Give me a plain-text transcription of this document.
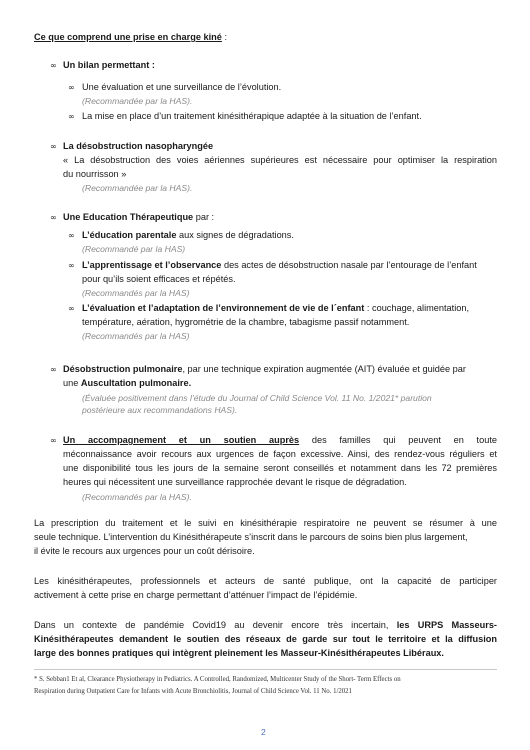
Ce que comprend une prise en charge kiné :
∞ Un bilan permettant :
∞ Une évaluation et une surveillance de l’évolution.
(Recommandée par la HAS).
∞ La mise en place d’un traitement kinésithérapique adaptée à la situation de l’enfant.
∞ La désobstruction nasopharyngée
« La désobstruction des voies aériennes supérieures est nécessaire pour optimiser la respiration
du nourrisson »
(Recommandée par la HAS).
∞ Une Education Thérapeutique par :
∞ L’éducation parentale aux signes de dégradations.
(Recommandé par la HAS)
∞ L’apprentissage et l’observance des actes de désobstruction nasale par l’entourage de l’enfant
pour qu’ils soient efficaces et répétés.
(Recommandés par la HAS)
∞ L’évaluation et l’adaptation de l’environnement de vie de l´enfant : couchage, alimentation,
température, aération, hygrométrie de la chambre, tabagisme passif notamment.
(Recommandés par la HAS)
∞ Désobstruction pulmonaire, par une technique expiration augmentée (AIT) évaluée et guidée par
une Auscultation pulmonaire.
(Évaluée positivement dans l’étude du Journal of Child Science Vol. 11 No. 1/2021* parution
postérieure aux recommandations HAS).
∞ Un accompagnement et un soutien auprès des familles qui peuvent en toute
méconnaissance avoir recours aux urgences de façon excessive. Ainsi, des rendez-vous réguliers et
une disponibilité tous les jours de la semaine seront conseillés et notamment dans les 72 premières
heures qui nécessitent une surveillance rapprochée devant le risque de dégradation.
(Recommandés par la HAS).
La prescription du traitement et le suivi en kinésithérapie respiratoire ne peuvent se résumer à une
seule technique. L’intervention du Kinésithérapeute s’inscrit dans le parcours de soins bien plus largement,
il évite le recours aux urgences pour un coût dérisoire.
Les kinésithérapeutes, professionnels et acteurs de santé publique, ont la capacité de participer
activement à cette prise en charge permettant d’atténuer l’impact de l’épidémie.
Dans un contexte de pandémie Covid19 au devenir encore très incertain, les URPS Masseurs-
Kinésithérapeutes demandent le soutien des réseaux de garde sur tout le territoire et la diffusion
large des bonnes pratiques qui intègrent pleinement les Masseur-Kinésithérapeutes Libéraux.
* S. Sebban1 Et al, Clearance Physiotherapy in Pediatrics. A Controlled, Randomized, Multicenter Study of the Short- Term Effects on
Respiration during Outpatient Care for Infants with Acute Bronchiolitis, Journal of Child Science Vol. 11 No. 1/2021
2
